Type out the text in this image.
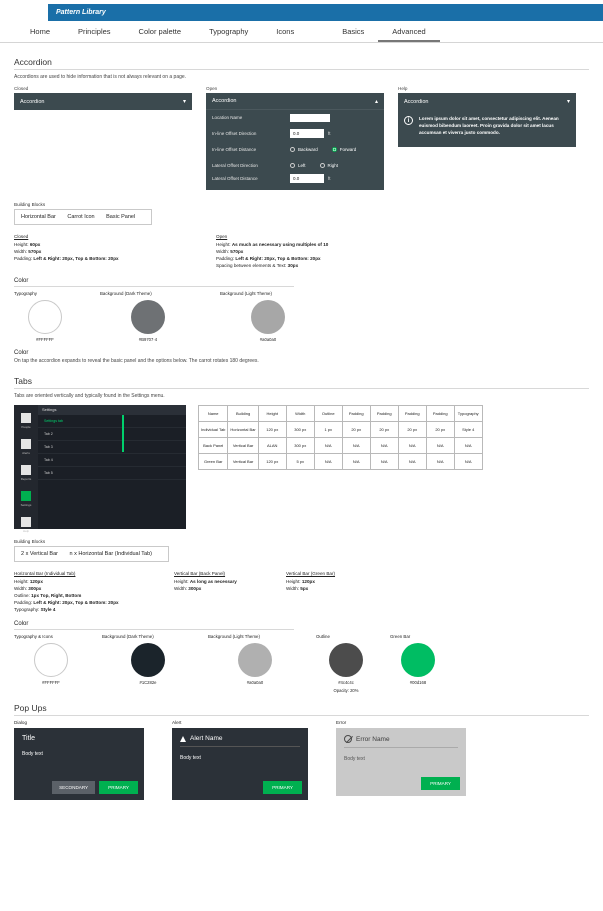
Pattern Library
Home	Principles	Color palette	Typography	Icons	Basics	Advanced
Accordion
Accordions are used to hide information that is not always relevant on a page.
Closed
Accordion	▾
Open
Accordion	▴
Location Name
In-line Offset Direction	0.0	ft
In-line Offset Distance	Backward	Forward
Lateral Offset Direction	Left	Right
Lateral Offset Distance	0.0	ft
Help
Accordion	▾
i	Lorem ipsum dolor sit amet, consectetur adipiscing elit. Aenean euismod bibendum laoreet. Proin gravida dolor sit amet lacus accumsan et viverra justo commodo.
Building Blocks
Horizontal Bar Carrot Icon Basic Panel
Closed
Height: 60px
Width: 570px
Padding: Left & Right: 20px, Top & Bottom: 20px
Open
Height: As much as necessary using multiples of 10
Width: 570px
Padding: Left & Right: 20px, Top & Bottom: 20px
Spacing between elements & Text: 30px
Color
Typography
#FFFFFF
Background (Dark Theme)
#B9707·4
Background (Light Theme)
#a0a0a0
Color
On tap the accordion expands to reveal the basic panel and the options below. The carrot rotates 180 degrees.
Tabs
Tabs are oriented vertically and typically found in the Settings menu.
People
Alerts
Reports
Settings
Help
Settings
Settings tab
Tab 2
Tab 3
Tab 4
Tab 5
Name	Building	Height	Width	Outline	Padding	Padding	Padding	Padding	Typography
Individual Tab	Horizontal Bar	120 px	300 px	1 px	20 px	20 px	20 px	20 px	Style 4
Back Panel	Vertical Bar	ALAN	300 px	N/A	N/A	N/A	N/A	N/A	N/A
Green Bar	Vertical Bar	120 px	5 px	N/A	N/A	N/A	N/A	N/A	N/A
Building Blocks
2 x Vertical Bar n x Horizontal Bar (Individual Tab)
Horizontal Bar (Individual Tab)
Height: 120px
Width: 300px
Outline: 1px Top, Right, Bottom
Padding: Left & Right: 20px, Top & Bottom: 20px
Typography: Style 4
Vertical Bar (Back Panel)
Height: As long as necessary
Width: 300px
Vertical Bar (Green Bar)
Height: 120px
Width: 5px
Color
Typography & Icons
#FFFFFF
Background (Dark Theme)
#1C282e
Background (Light Theme)
#a0a0a0
Outline
#4c4c4c
Opacity: 20%
Green Bar
#00d168
Pop Ups
Dialog
Title
Body text
SECONDARY	PRIMARY
Alert
Alert Name
Body text
PRIMARY
Error
Error Name
Body text
PRIMARY
